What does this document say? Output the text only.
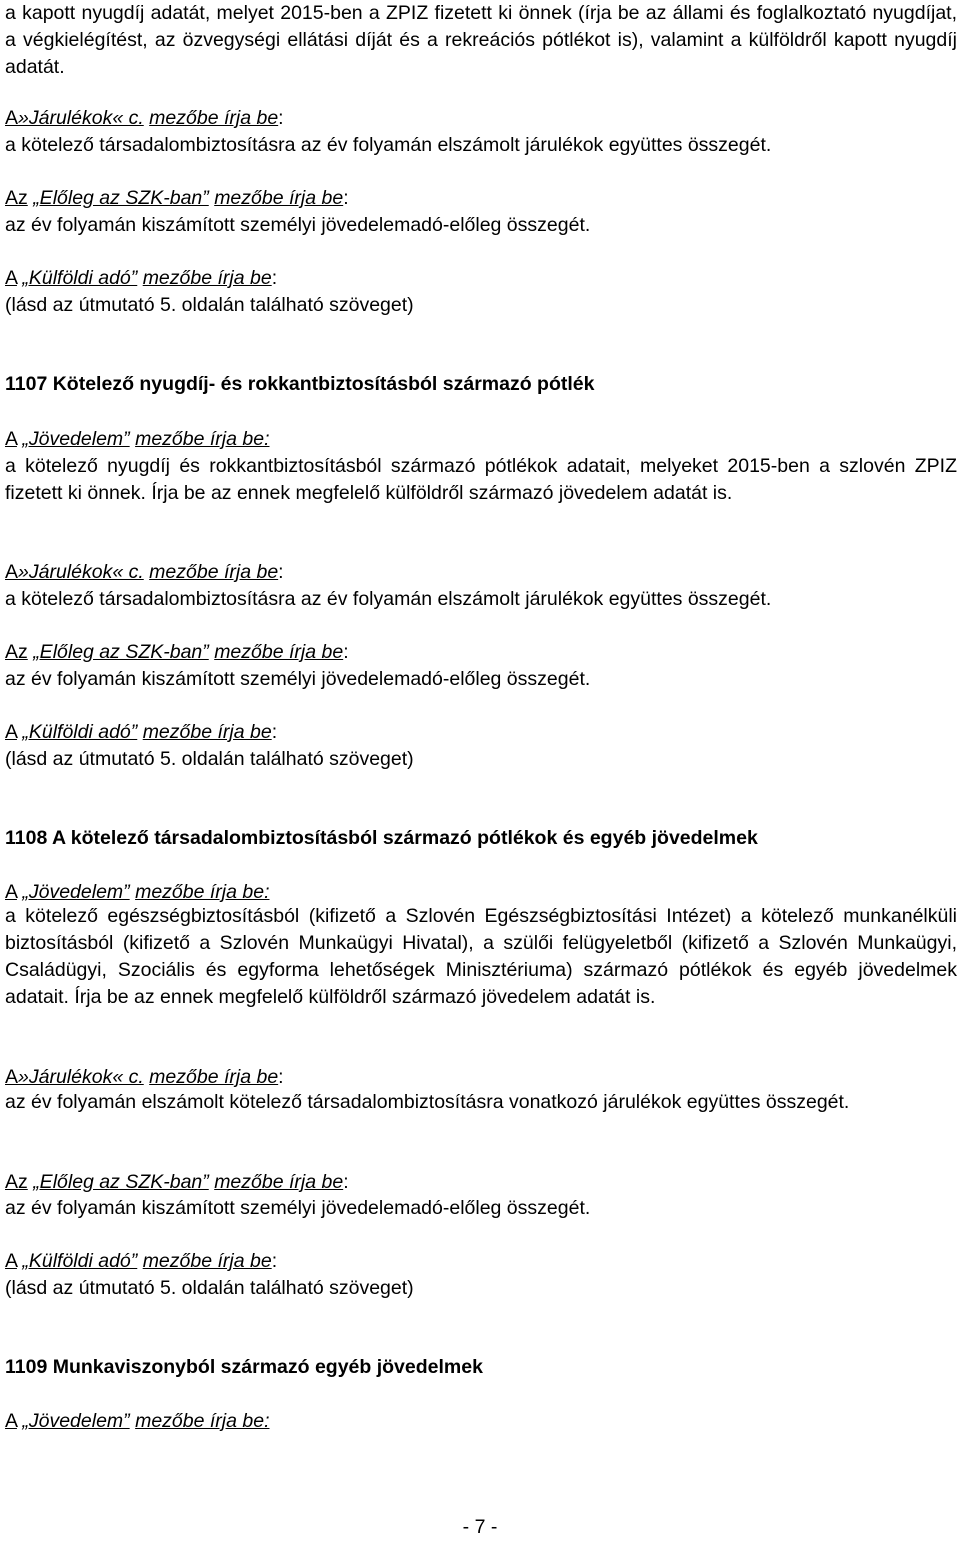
a kapott nyugdíj adatát, melyet 2015-ben a ZPIZ fizetett ki önnek (írja be az állami és foglalkoztató nyugdíjat, a végkielégítést, az özvegységi ellátási díját és a rekreációs pótlékot is), valamint a külföldről kapott nyugdíj adatát.

A»Járulékok« c. mezőbe írja be:

a kötelező társadalombiztosításra az év folyamán elszámolt járulékok együttes összegét.

Az „Előleg az SZK-ban” mezőbe írja be:

az év folyamán kiszámított személyi jövedelemadó-előleg összegét.

A „Külföldi adó” mezőbe írja be:

(lásd az útmutató 5. oldalán található szöveget)

1107 Kötelező nyugdíj- és rokkantbiztosításból származó pótlék

A „Jövedelem” mezőbe írja be:

a kötelező nyugdíj és rokkantbiztosításból származó pótlékok adatait, melyeket 2015-ben a szlovén ZPIZ fizetett ki önnek. Írja be az ennek megfelelő külföldről származó jövedelem adatát is.

A»Járulékok« c. mezőbe írja be:

a kötelező társadalombiztosításra az év folyamán elszámolt járulékok együttes összegét.

Az „Előleg az SZK-ban” mezőbe írja be:

az év folyamán kiszámított személyi jövedelemadó-előleg összegét.

A „Külföldi adó” mezőbe írja be:

(lásd az útmutató 5. oldalán található szöveget)

1108 A kötelező társadalombiztosításból származó pótlékok és egyéb jövedelmek

A „Jövedelem” mezőbe írja be:

a kötelező egészségbiztosításból (kifizető a Szlovén Egészségbiztosítási Intézet) a kötelező munkanélküli biztosításból (kifizető a Szlovén Munkaügyi Hivatal), a szülői felügyeletből (kifizető a Szlovén Munkaügyi, Családügyi, Szociális és egyforma lehetőségek Minisztériuma) származó pótlékok és egyéb jövedelmek adatait. Írja be az ennek megfelelő külföldről származó jövedelem adatát is.

A»Járulékok« c. mezőbe írja be:

az év folyamán elszámolt kötelező társadalombiztosításra vonatkozó járulékok együttes összegét.

Az „Előleg az SZK-ban” mezőbe írja be:

az év folyamán kiszámított személyi jövedelemadó-előleg összegét.

A „Külföldi adó” mezőbe írja be:

(lásd az útmutató 5. oldalán található szöveget)

1109 Munkaviszonyból származó egyéb jövedelmek

A „Jövedelem” mezőbe írja be:

- 7 -
